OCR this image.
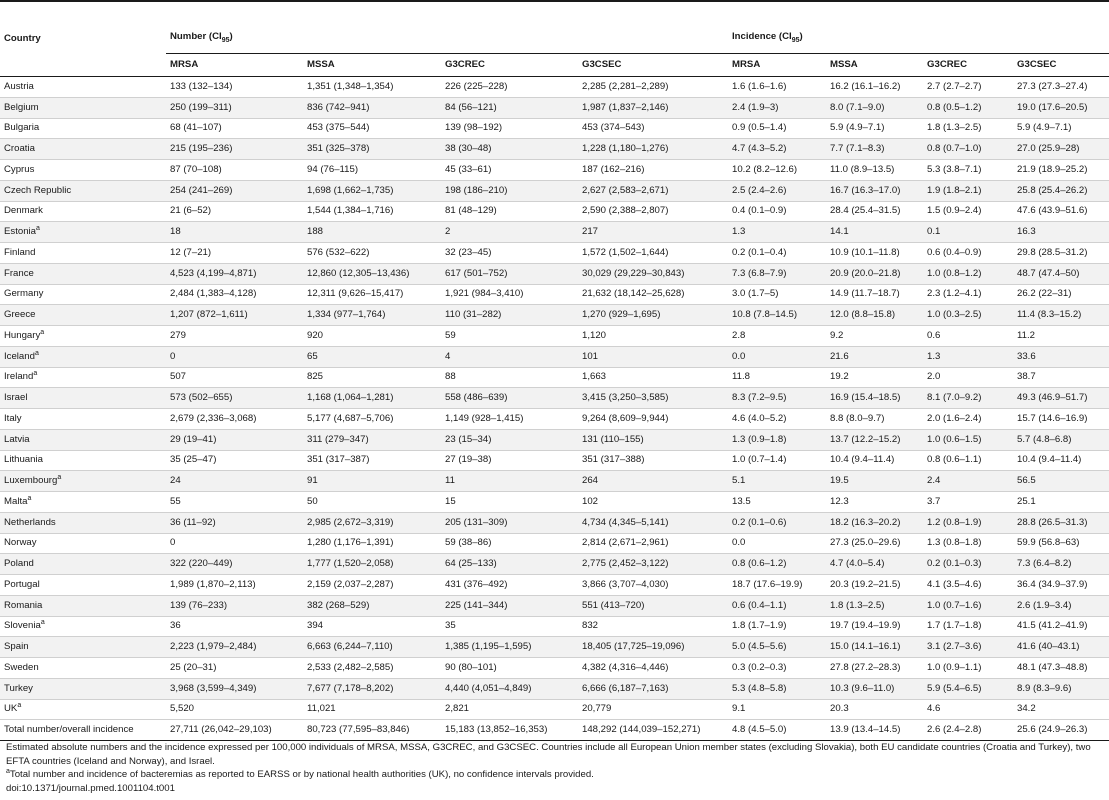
Country	Number $(CI_{95})$				Incidence $(CI_{95})$			
	MRSA	MSSA	G3CREC	G3CSEC	MRSA	MSSA	G3CREC	G3CSEC
Austria	133 (132–134)	1,351 (1,348–1,354)	226 (225–228)	2,285 (2,281–2,289)	1.6 (1.6–1.6)	16.2 (16.1–16.2)	2.7 (2.7–2.7)	27.3 (27.3–27.4)
Belgium	250 (199–311)	836 (742–941)	84 (56–121)	1,987 (1,837–2,146)	2.4 (1.9–3)	8.0 (7.1–9.0)	0.8 (0.5–1.2)	19.0 (17.6–20.5)
Bulgaria	68 (41–107)	453 (375–544)	139 (98–192)	453 (374–543)	0.9 (0.5–1.4)	5.9 (4.9–7.1)	1.8 (1.3–2.5)	5.9 (4.9–7.1)
Croatia	215 (195–236)	351 (325–378)	38 (30–48)	1,228 (1,180–1,276)	4.7 (4.3–5.2)	7.7 (7.1–8.3)	0.8 (0.7–1.0)	27.0 (25.9–28)
Cyprus	87 (70–108)	94 (76–115)	45 (33–61)	187 (162–216)	10.2 (8.2–12.6)	11.0 (8.9–13.5)	5.3 (3.8–7.1)	21.9 (18.9–25.2)
Czech Republic	254 (241–269)	1,698 (1,662–1,735)	198 (186–210)	2,627 (2,583–2,671)	2.5 (2.4–2.6)	16.7 (16.3–17.0)	1.9 (1.8–2.1)	25.8 (25.4–26.2)
Denmark	21 (6–52)	1,544 (1,384–1,716)	81 (48–129)	2,590 (2,388–2,807)	0.4 (0.1–0.9)	28.4 (25.4–31.5)	1.5 (0.9–2.4)	47.6 (43.9–51.6)
Estonia$^a$	18	188	2	217	1.3	14.1	0.1	16.3
Finland	12 (7–21)	576 (532–622)	32 (23–45)	1,572 (1,502–1,644)	0.2 (0.1–0.4)	10.9 (10.1–11.8)	0.6 (0.4–0.9)	29.8 (28.5–31.2)
France	4,523 (4,199–4,871)	12,860 (12,305–13,436)	617 (501–752)	30,029 (29,229–30,843)	7.3 (6.8–7.9)	20.9 (20.0–21.8)	1.0 (0.8–1.2)	48.7 (47.4–50)
Germany	2,484 (1,383–4,128)	12,311 (9,626–15,417)	1,921 (984–3,410)	21,632 (18,142–25,628)	3.0 (1.7–5)	14.9 (11.7–18.7)	2.3 (1.2–4.1)	26.2 (22–31)
Greece	1,207 (872–1,611)	1,334 (977–1,764)	110 (31–282)	1,270 (929–1,695)	10.8 (7.8–14.5)	12.0 (8.8–15.8)	1.0 (0.3–2.5)	11.4 (8.3–15.2)
Hungary$^a$	279	920	59	1,120	2.8	9.2	0.6	11.2
Iceland$^a$	0	65	4	101	0.0	21.6	1.3	33.6
Ireland$^a$	507	825	88	1,663	11.8	19.2	2.0	38.7
Israel	573 (502–655)	1,168 (1,064–1,281)	558 (486–639)	3,415 (3,250–3,585)	8.3 (7.2–9.5)	16.9 (15.4–18.5)	8.1 (7.0–9.2)	49.3 (46.9–51.7)
Italy	2,679 (2,336–3,068)	5,177 (4,687–5,706)	1,149 (928–1,415)	9,264 (8,609–9,944)	4.6 (4.0–5.2)	8.8 (8.0–9.7)	2.0 (1.6–2.4)	15.7 (14.6–16.9)
Latvia	29 (19–41)	311 (279–347)	23 (15–34)	131 (110–155)	1.3 (0.9–1.8)	13.7 (12.2–15.2)	1.0 (0.6–1.5)	5.7 (4.8–6.8)
Lithuania	35 (25–47)	351 (317–387)	27 (19–38)	351 (317–388)	1.0 (0.7–1.4)	10.4 (9.4–11.4)	0.8 (0.6–1.1)	10.4 (9.4–11.4)
Luxembourg$^a$	24	91	11	264	5.1	19.5	2.4	56.5
Malta$^a$	55	50	15	102	13.5	12.3	3.7	25.1
Netherlands	36 (11–92)	2,985 (2,672–3,319)	205 (131–309)	4,734 (4,345–5,141)	0.2 (0.1–0.6)	18.2 (16.3–20.2)	1.2 (0.8–1.9)	28.8 (26.5–31.3)
Norway	0	1,280 (1,176–1,391)	59 (38–86)	2,814 (2,671–2,961)	0.0	27.3 (25.0–29.6)	1.3 (0.8–1.8)	59.9 (56.8–63)
Poland	322 (220–449)	1,777 (1,520–2,058)	64 (25–133)	2,775 (2,452–3,122)	0.8 (0.6–1.2)	4.7 (4.0–5.4)	0.2 (0.1–0.3)	7.3 (6.4–8.2)
Portugal	1,989 (1,870–2,113)	2,159 (2,037–2,287)	431 (376–492)	3,866 (3,707–4,030)	18.7 (17.6–19.9)	20.3 (19.2–21.5)	4.1 (3.5–4.6)	36.4 (34.9–37.9)
Romania	139 (76–233)	382 (268–529)	225 (141–344)	551 (413–720)	0.6 (0.4–1.1)	1.8 (1.3–2.5)	1.0 (0.7–1.6)	2.6 (1.9–3.4)
Slovenia$^a$	36	394	35	832	1.8 (1.7–1.9)	19.7 (19.4–19.9)	1.7 (1.7–1.8)	41.5 (41.2–41.9)
Spain	2,223 (1,979–2,484)	6,663 (6,244–7,110)	1,385 (1,195–1,595)	18,405 (17,725–19,096)	5.0 (4.5–5.6)	15.0 (14.1–16.1)	3.1 (2.7–3.6)	41.6 (40–43.1)
Sweden	25 (20–31)	2,533 (2,482–2,585)	90 (80–101)	4,382 (4,316–4,446)	0.3 (0.2–0.3)	27.8 (27.2–28.3)	1.0 (0.9–1.1)	48.1 (47.3–48.8)
Turkey	3,968 (3,599–4,349)	7,677 (7,178–8,202)	4,440 (4,051–4,849)	6,666 (6,187–7,163)	5.3 (4.8–5.8)	10.3 (9.6–11.0)	5.9 (5.4–6.5)	8.9 (8.3–9.6)
$UK^a$	5,520	11,021	2,821	20,779	9.1	20.3	4.6	34.2
Total number/overall incidence	27,711 (26,042–29,103)	80,723 (77,595–83,846)	15,183 (13,852–16,353)	148,292 (144,039–152,271)	4.8 (4.5–5.0)	13.9 (13.4–14.5)	2.6 (2.4–2.8)	25.6 (24.9–26.3)

Estimated absolute numbers and the incidence expressed per 100,000 individuals of MRSA, MSSA, G3CREC, and G3CSEC. Countries include all European Union member states (excluding Slovakia), both EU candidate countries (Croatia and Turkey), two EFTA countries (Iceland and Norway), and Israel.

$^a$Total number and incidence of bacteremias as reported to EARSS or by national health authorities (UK), no confidence intervals provided.

doi:10.1371/journal.pmed.1001104.t001
